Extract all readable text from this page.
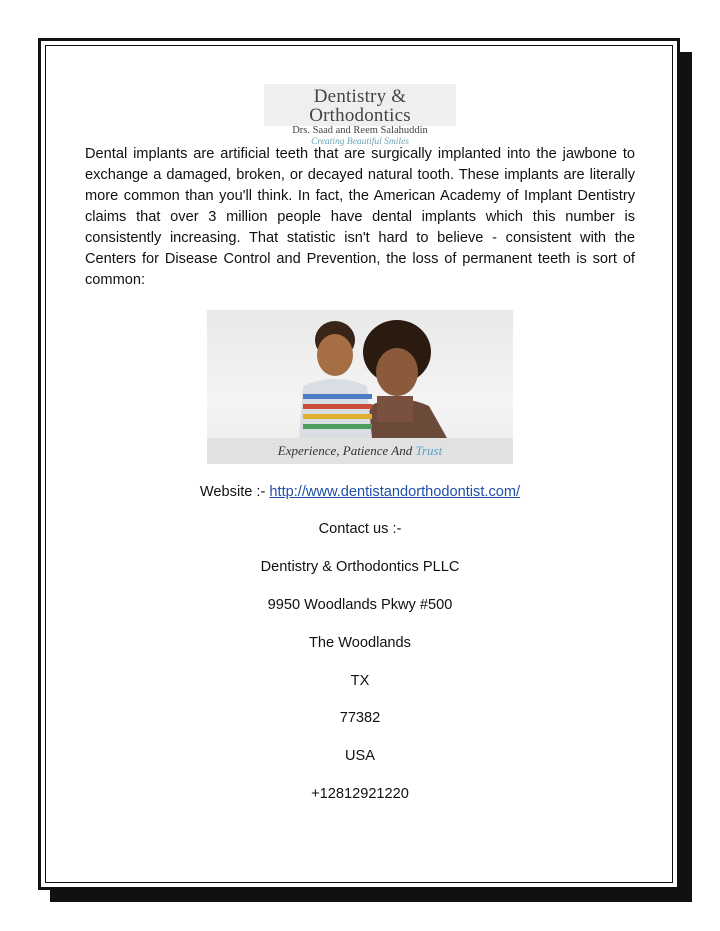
Dentistry & Orthodontics
Drs. Saad and Reem Salahuddin
Creating Beautiful Smiles
Dental implants are artificial teeth that are surgically implanted into the jawbone to exchange a damaged, broken, or decayed natural tooth. These implants are literally more common than you'll think. In fact, the American Academy of Implant Dentistry claims that over 3 million people have dental implants which this number is consistently increasing. That statistic isn't hard to believe - consistent with the Centers for Disease Control and Prevention, the loss of permanent teeth is sort of common:
Experience, Patience And Trust
Website :- http://www.dentistandorthodontist.com/
Contact us :-
Dentistry & Orthodontics PLLC
9950 Woodlands Pkwy #500
The Woodlands
TX
77382
USA
+12812921220
